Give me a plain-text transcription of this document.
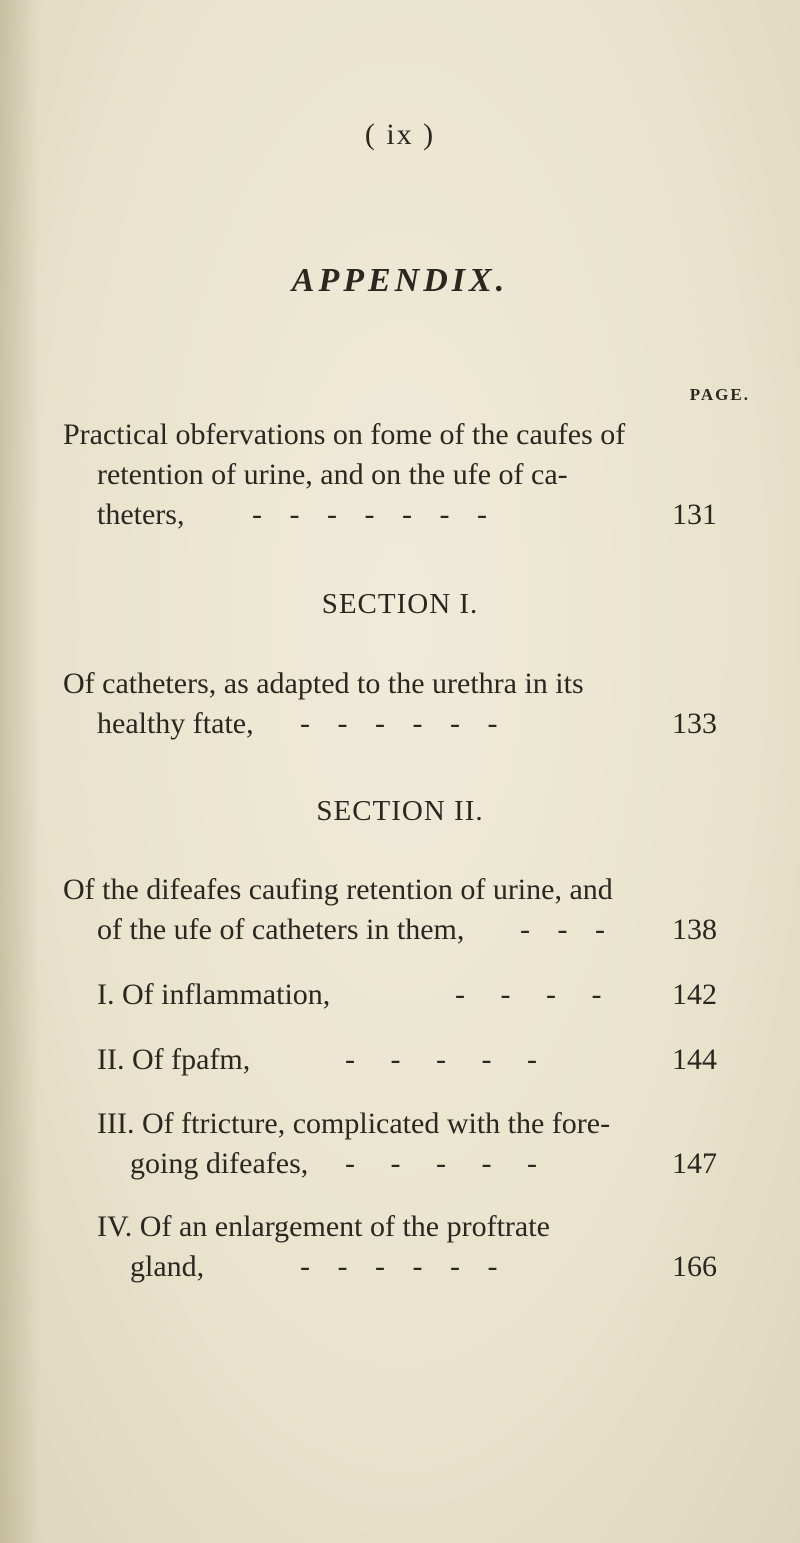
( ix )
APPENDIX.
PAGE.
Practical obfervations on fome of the caufes of
retention of urine, and on the ufe of ca-
theters, - - - - - - -	131
SECTION I.
Of catheters, as adapted to the urethra in its
healthy ftate, - - - - - -	133
SECTION II.
Of the difeafes caufing retention of urine, and
of the ufe of catheters in them, - - - 138
I. Of inflammation,	- - - - 142
II. Of fpafm,	- - - - -	144
III. Of ftricture, complicated with the fore-
going difeafes, - - - - -	147
IV. Of an enlargement of the proftrate
gland,	- - - - - -	166
